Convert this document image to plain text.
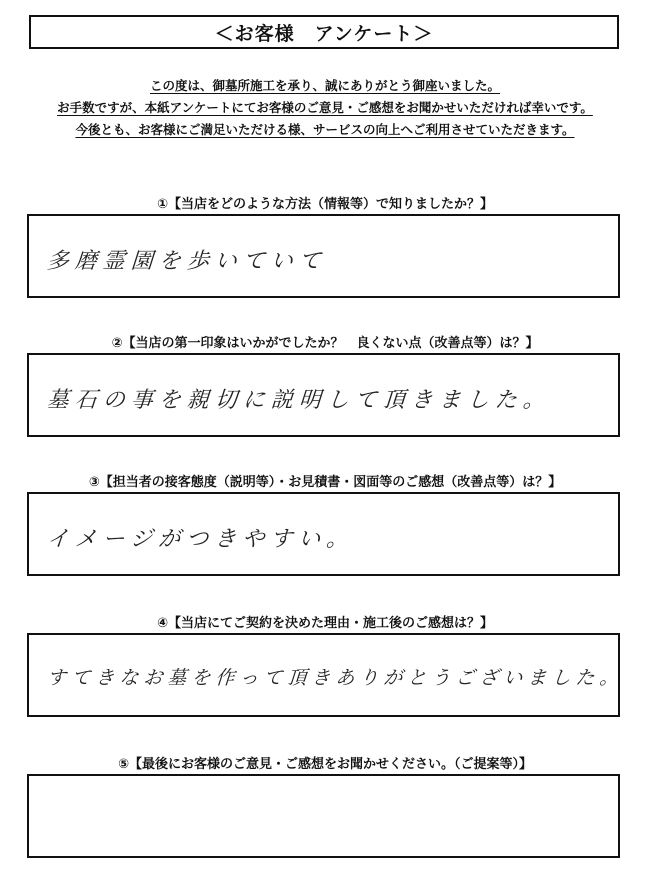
＜お客様　アンケート＞
この度は、御墓所施工を承り、誠にありがとう御座いました。
お手数ですが、本紙アンケートにてお客様のご意見・ご感想をお聞かせいただければ幸いです。
今後とも、お客様にご満足いただける様、サービスの向上へご利用させていただきます。
①【当店をどのような方法（情報等）で知りましたか？】
多磨霊園を歩いていて
②【当店の第一印象はいかがでしたか？　良くない点（改善点等）は？】
墓石の事を親切に説明して頂きました。
③【担当者の接客態度（説明等）・お見積書・図面等のご感想（改善点等）は？】
イメージがつきやすい。
④【当店にてご契約を決めた理由・施工後のご感想は？】
すてきなお墓を作って頂きありがとうございました。
⑤【最後にお客様のご意見・ご感想をお聞かせください。（ご提案等）】
